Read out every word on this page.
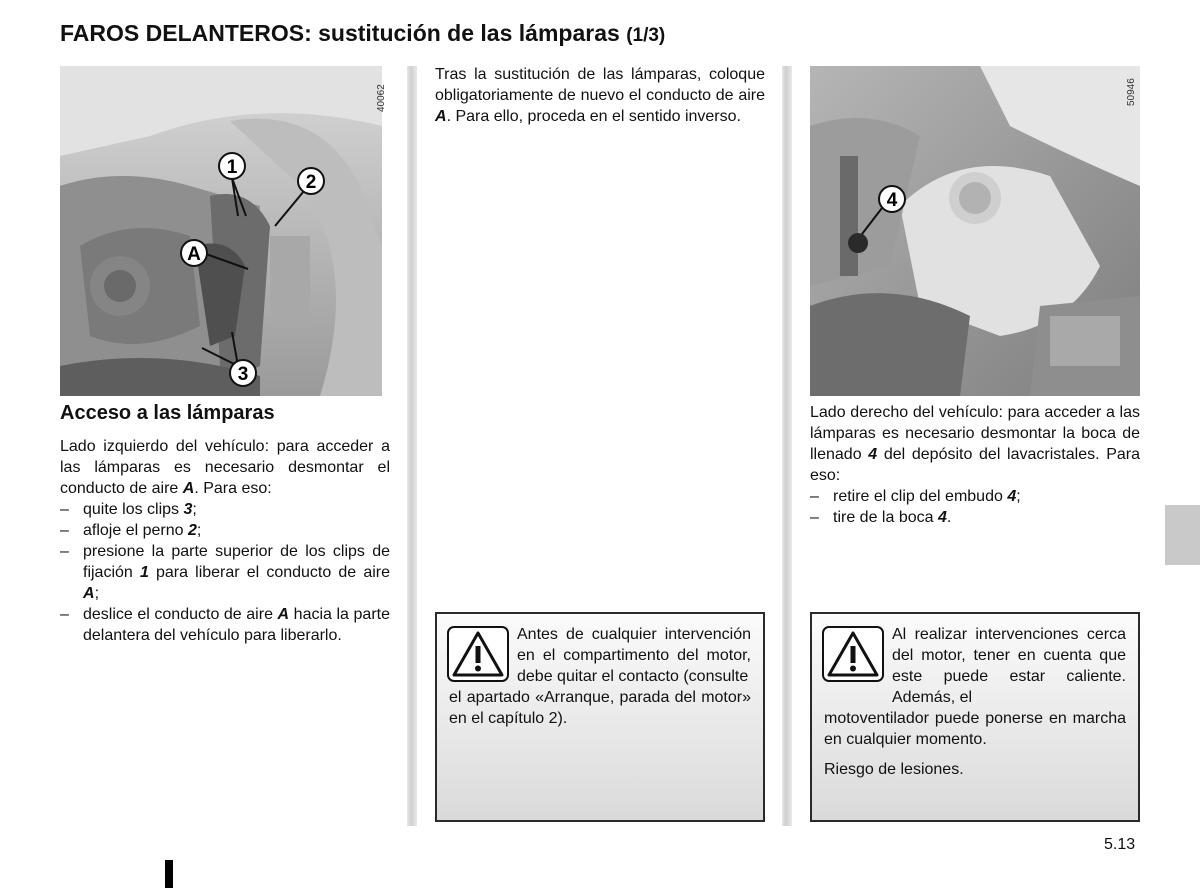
FAROS DELANTEROS: sustitución de las lámparas (1/3)
1
2
A
3
40062
Acceso a las lámparas

Lado izquierdo del vehículo: para acceder a las lámparas es necesario desmontar el conducto de aire A. Para eso:

– quite los clips 3;
– afloje el perno 2;
– presione la parte superior de los clips de fijación 1 para liberar el conducto de aire A;
– deslice el conducto de aire A hacia la parte delantera del vehículo para liberarlo.

Tras la sustitución de las lámparas, coloque obligatoriamente de nuevo el conducto de aire A. Para ello, proceda en el sentido inverso.

Antes de cualquier intervención en el compartimento del motor, debe quitar el contacto (consulte
el apartado «Arranque, parada del motor» en el capítulo 2).
4
50946

Lado derecho del vehículo: para acceder a las lámparas es necesario desmontar la boca de llenado 4 del depósito del lavacristales. Para eso:

– retire el clip del embudo 4;
– tire de la boca 4.
Al realizar intervenciones cerca del motor, tener en cuenta que este puede estar caliente. Además, el
motoventilador puede ponerse en marcha en cualquier momento.
Riesgo de lesiones.
5.13
